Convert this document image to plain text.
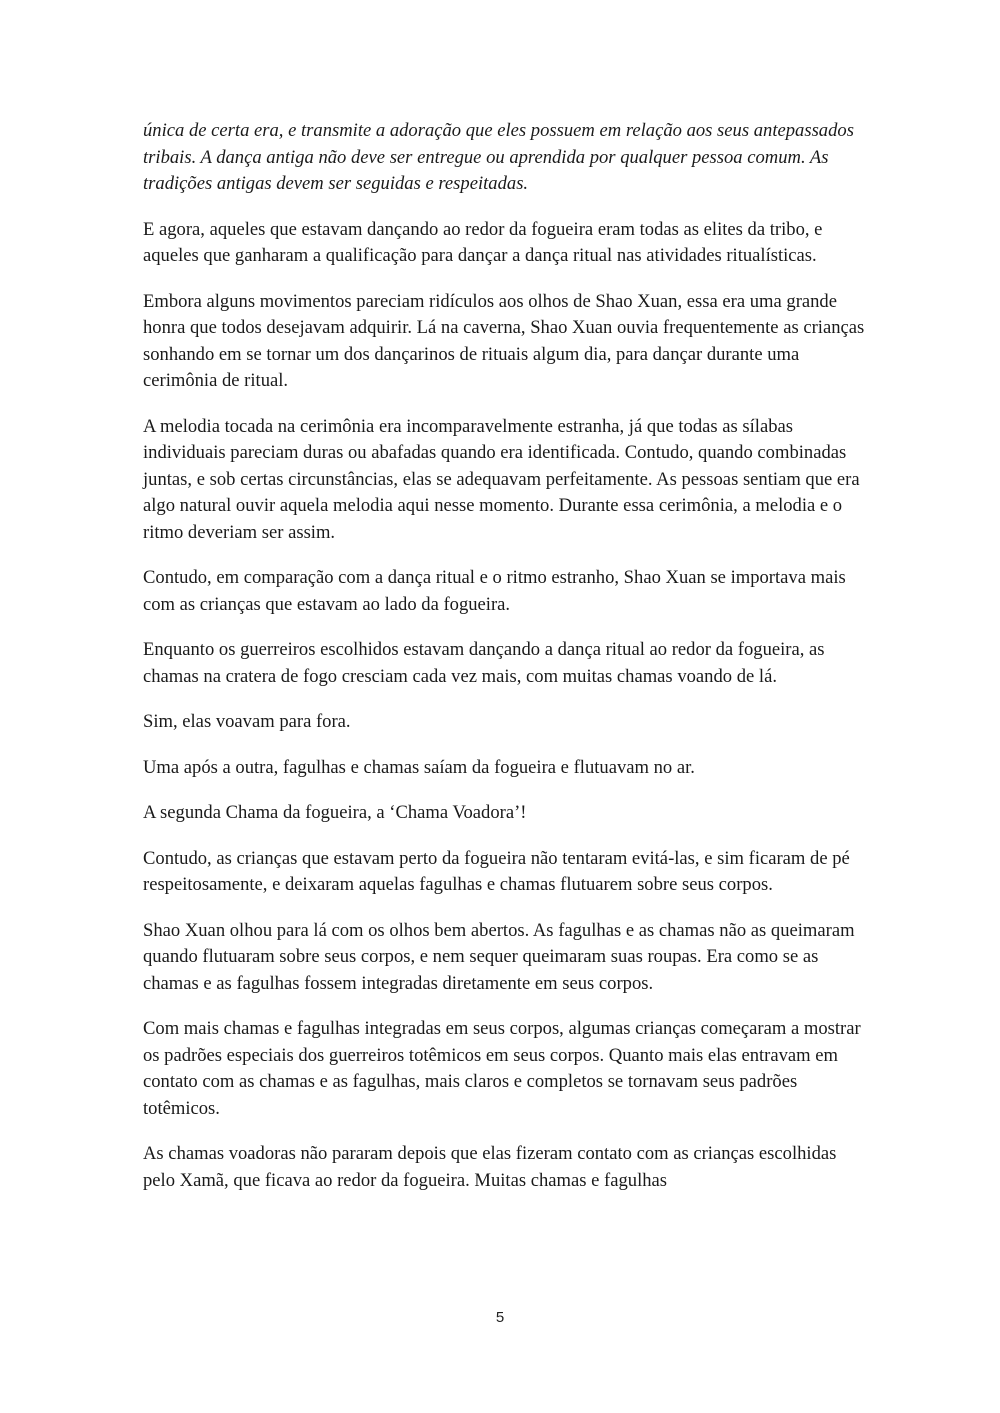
única de certa era, e transmite a adoração que eles possuem em relação aos seus antepassados tribais. A dança antiga não deve ser entregue ou aprendida por qualquer pessoa comum. As tradições antigas devem ser seguidas e respeitadas.

E agora, aqueles que estavam dançando ao redor da fogueira eram todas as elites da tribo, e aqueles que ganharam a qualificação para dançar a dança ritual nas atividades ritualísticas.

Embora alguns movimentos pareciam ridículos aos olhos de Shao Xuan, essa era uma grande honra que todos desejavam adquirir. Lá na caverna, Shao Xuan ouvia frequentemente as crianças sonhando em se tornar um dos dançarinos de rituais algum dia, para dançar durante uma cerimônia de ritual.

A melodia tocada na cerimônia era incomparavelmente estranha, já que todas as sílabas individuais pareciam duras ou abafadas quando era identificada. Contudo, quando combinadas juntas, e sob certas circunstâncias, elas se adequavam perfeitamente. As pessoas sentiam que era algo natural ouvir aquela melodia aqui nesse momento. Durante essa cerimônia, a melodia e o ritmo deveriam ser assim.

Contudo, em comparação com a dança ritual e o ritmo estranho, Shao Xuan se importava mais com as crianças que estavam ao lado da fogueira.

Enquanto os guerreiros escolhidos estavam dançando a dança ritual ao redor da fogueira, as chamas na cratera de fogo cresciam cada vez mais, com muitas chamas voando de lá.

Sim, elas voavam para fora.

Uma após a outra, fagulhas e chamas saíam da fogueira e flutuavam no ar.

A segunda Chama da fogueira, a ‘Chama Voadora’!

Contudo, as crianças que estavam perto da fogueira não tentaram evitá-las, e sim ficaram de pé respeitosamente, e deixaram aquelas fagulhas e chamas flutuarem sobre seus corpos.

Shao Xuan olhou para lá com os olhos bem abertos. As fagulhas e as chamas não as queimaram quando flutuaram sobre seus corpos, e nem sequer queimaram suas roupas. Era como se as chamas e as fagulhas fossem integradas diretamente em seus corpos.

Com mais chamas e fagulhas integradas em seus corpos, algumas crianças começaram a mostrar os padrões especiais dos guerreiros totêmicos em seus corpos. Quanto mais elas entravam em contato com as chamas e as fagulhas, mais claros e completos se tornavam seus padrões totêmicos.

As chamas voadoras não pararam depois que elas fizeram contato com as crianças escolhidas pelo Xamã, que ficava ao redor da fogueira. Muitas chamas e fagulhas

5
